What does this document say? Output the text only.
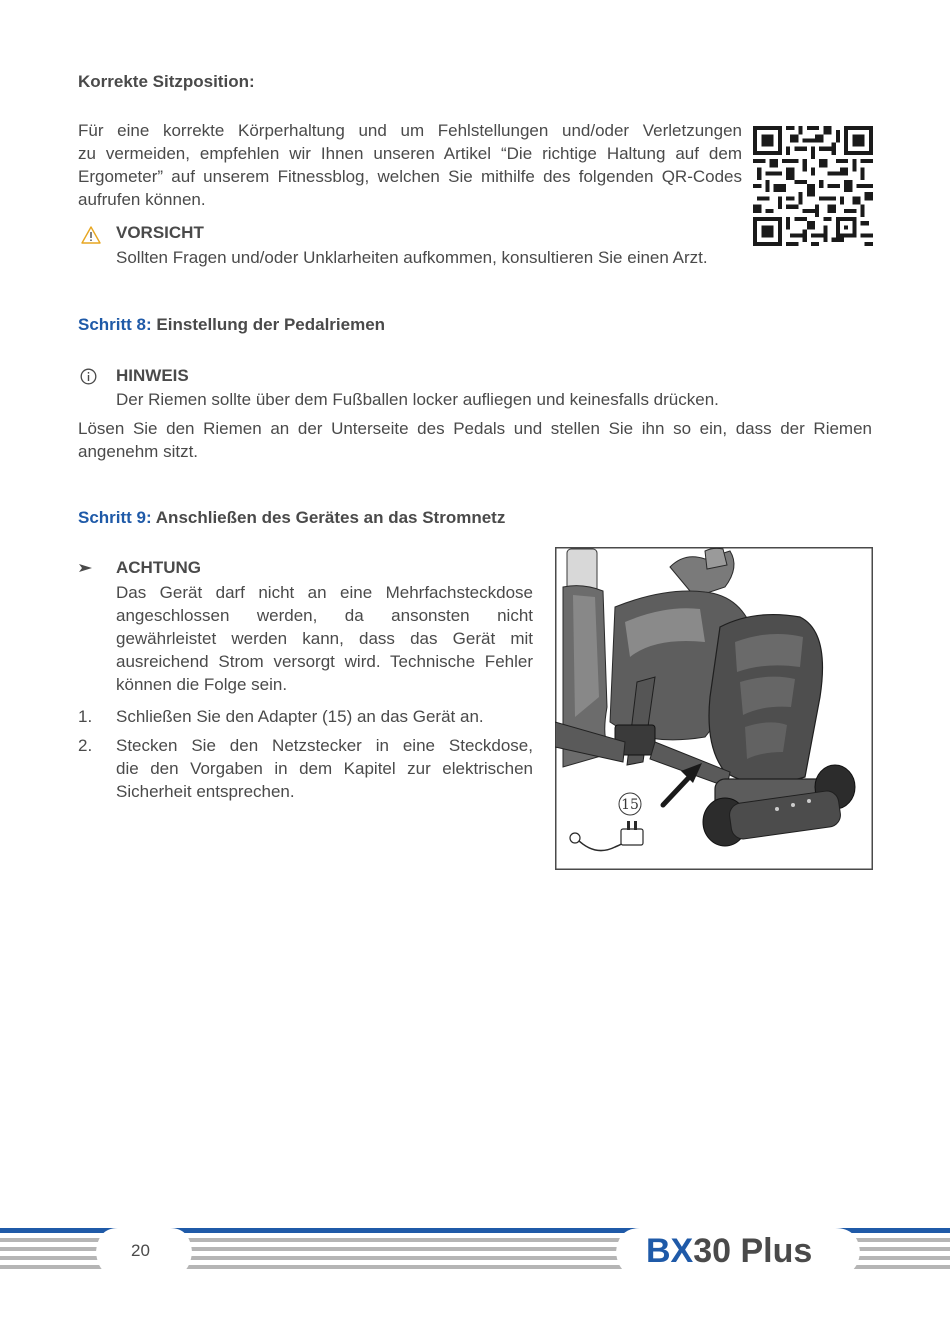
Korrekte Sitzposition:
Für eine korrekte Körperhaltung und um Fehlstellungen und/oder Verletzungen
zu vermeiden, empfehlen wir Ihnen unseren Artikel “Die richtige Haltung auf dem
Ergometer” auf unserem Fitnessblog, welchen Sie mithilfe des folgenden QR-Codes
aufrufen können.
VORSICHT
Sollten Fragen und/oder Unklarheiten aufkommen, konsultieren Sie einen Arzt.
Schritt 8: Einstellung der Pedalriemen
HINWEIS
Der Riemen sollte über dem Fußballen locker aufliegen und keinesfalls drücken.
Lösen Sie den Riemen an der Unterseite des Pedals und stellen Sie ihn so ein, dass der Riemen
angenehm sitzt.
Schritt 9: Anschließen des Gerätes an das Stromnetz
ACHTUNG
Das Gerät darf nicht an eine Mehrfachsteckdose
angeschlossen werden, da ansonsten nicht
gewährleistet werden kann, dass das Gerät mit
ausreichend Strom versorgt wird. Technische Fehler
können die Folge sein.
1. Schließen Sie den Adapter (15) an das Gerät an.
2. Stecken Sie den Netzstecker in eine Steckdose,
die den Vorgaben in dem Kapitel zur elektrischen
Sicherheit entsprechen.
15
20	BX30 Plus
